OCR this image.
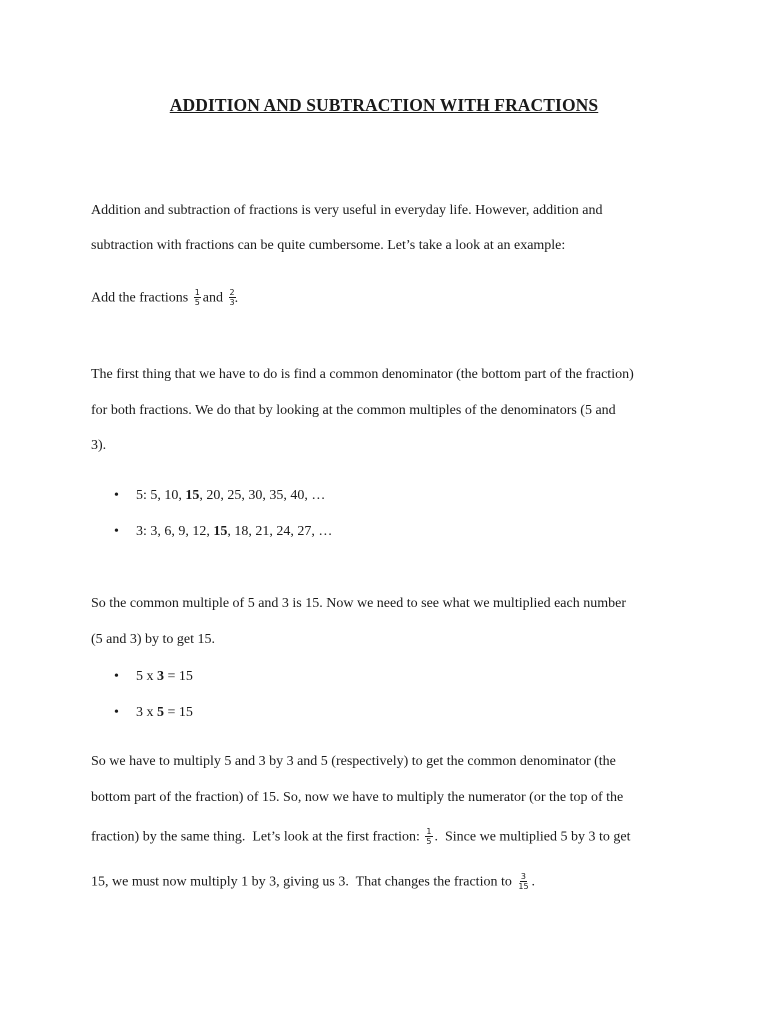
ADDITION AND SUBTRACTION WITH FRACTIONS
Addition and subtraction of fractions is very useful in everyday life. However, addition and
subtraction with fractions can be quite cumbersome. Let’s take a look at an example:
Add the fractions $\frac{1}{5}$ and $\frac{2}{3}$ .
The first thing that we have to do is find a common denominator (the bottom part of the fraction)
for both fractions. We do that by looking at the common multiples of the denominators (5 and
3).
• 5: 5, 10, 15, 20, 25, 30, 35, 40, …
• 3: 3, 6, 9, 12, 15, 18, 21, 24, 27, …
So the common multiple of 5 and 3 is 15. Now we need to see what we multiplied each number
(5 and 3) by to get 15.
• 5 x 3 = 15
• 3 x 5 = 15
So we have to multiply 5 and 3 by 3 and 5 (respectively) to get the common denominator (the
bottom part of the fraction) of 15. So, now we have to multiply the numerator (or the top of the
fraction) by the same thing.  Let’s look at the first fraction: $\frac{1}{5}$ .  Since we multiplied 5 by 3 to get
15, we must now multiply 1 by 3, giving us 3.  That changes the fraction to $\frac{3}{15}$ .
